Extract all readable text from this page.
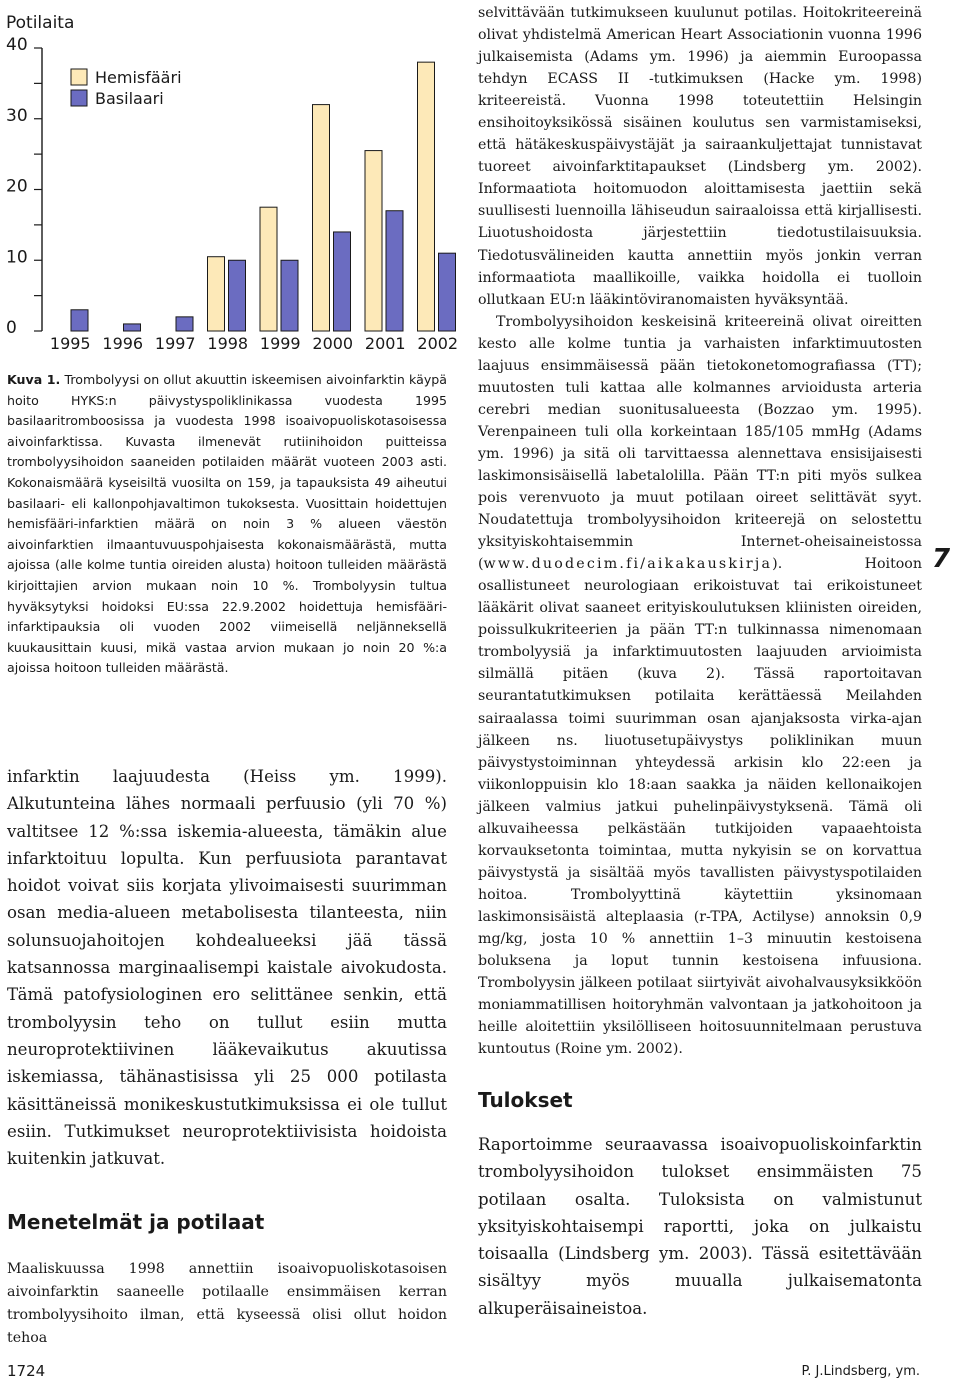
Potilaita
0
10
20
30
40
1995 1996 1997 1998 1999 2000 2001 2002
Hemisfääri
Basilaari
Kuva 1. Trombolyysi on ollut akuuttin iskeemisen aivoinfarktin käypä hoito HYKS:n päivystyspoliklinikassa vuodesta 1995 basilaaritromboosissa ja vuodesta 1998 isoaivopuoliskotasoisessa aivoinfarktissa. Kuvasta ilmenevät rutiinihoidon puitteissa trombolyysihoidon saaneiden potilaiden määrät vuoteen 2003 asti. Kokonaismäärä kyseisiltä vuosilta on 159, ja tapauksista 49 aiheutui basilaari- eli kallonpohjavaltimon tukoksesta. Vuosittain hoidettujen hemisfääri-infarktien määrä on noin 3 % alueen väestön aivoinfarktien ilmaantuvuuspohjaisesta kokonaismäärästä, mutta ajoissa (alle kolme tuntia oireiden alusta) hoitoon tulleiden määrästä kirjoittajien arvion mukaan noin 10 %. Trombolyysin tultua hyväksytyksi hoidoksi EU:ssa 22.9.2002 hoidettuja hemisfääri-infarktipauksia oli vuoden 2002 viimeisellä neljänneksellä kuukausittain kuusi, mikä vastaa arvion mukaan jo noin 20 %:a ajoissa hoitoon tulleiden määrästä.
infarktin laajuudesta (Heiss ym. 1999). Alkutunteina lähes normaali perfuusio (yli 70 %) valtitsee 12 %:ssa iskemia-alueesta, tämäkin alue infarktoituu lopulta. Kun perfuusiota parantavat hoidot voivat siis korjata ylivoimaisesti suurimman osan media-alueen metabolisesta tilanteesta, niin solunsuojahoitojen kohdealueeksi jää tässä katsannossa marginaalisempi kaistale aivokudosta. Tämä patofysiologinen ero selittänee senkin, että trombolyysin teho on tullut esiin mutta neuroprotektiivinen lääkevaikutus akuutissa iskemiassa, tähänastisissa yli 25 000 potilasta käsittäneissä monikeskustutkimuksissa ei ole tullut esiin. Tutkimukset neuroprotektiivisista hoidoista kuitenkin jatkuvat.
Menetelmät ja potilaat
Maaliskuussa 1998 annettiin isoaivopuoliskotasoisen aivoinfarktin saaneelle potilaalle ensimmäisen kerran trombolyysihoito ilman, että kyseessä olisi ollut hoidon tehoa

selvittävään tutkimukseen kuulunut potilas. Hoitokriteereinä olivat yhdistelmä American Heart Associationin vuonna 1996 julkaisemista (Adams ym. 1996) ja aiemmin Euroopassa tehdyn ECASS II -tutkimuksen (Hacke ym. 1998) kriteereistä. Vuonna 1998 toteutettiin Helsingin ensihoitoyksikössä sisäinen koulutus sen varmistamiseksi, että hätäkeskuspäivystäjät ja sairaankuljettajat tunnistavat tuoreet aivoinfarktitapaukset (Lindsberg ym. 2002). Informaatiota hoitomuodon aloittamisesta jaettiin sekä suullisesti luennoilla lähiseudun sairaaloissa että kirjallisesti. Liuotushoidosta järjestettiin tiedotustilaisuuksia. Tiedotusvälineiden kautta annettiin myös jonkin verran informaatiota maallikoille, vaikka hoidolla ei tuolloin ollutkaan EU:n lääkintöviranomaisten hyväksyntää.

Trombolyysihoidon keskeisinä kriteereinä olivat oireitten kesto alle kolme tuntia ja varhaisten infarktimuutosten laajuus ensimmäisessä pään tietokonetomografiassa (TT); muutosten tuli kattaa alle kolmannes arvioidusta arteria cerebri median suonitusalueesta (Bozzao ym. 1995). Verenpaineen tuli olla korkeintaan 185/105 mmHg (Adams ym. 1996) ja sitä oli tarvittaessa alennettava ensisijaisesti laskimonsisäisellä labetalolilla. Pään TT:n piti myös sulkea pois verenvuoto ja muut potilaan oireet selittävät syyt. Noudatettuja trombolyysihoidon kriteerejä on selostettu yksityiskohtaisemmin Internet-oheisaineistossa (www.duodecim.fi/aikakauskirja). Hoitoon osallistuneet neurologiaan erikoistuvat tai erikoistuneet lääkärit olivat saaneet erityiskoulutuksen kliinisten oireiden, poissulkukriteerien ja pään TT:n tulkinnassa nimenomaan trombolyysiä ja infarktimuutosten laajuuden arvioimista silmällä pitäen (kuva 2). Tässä raportoitavan seurantatutkimuksen potilaita kerättäessä Meilahden sairaalassa toimi suurimman osan ajanjaksosta virka-ajan jälkeen ns. liuotusetupäivystys poliklinikan muun päivystystoiminnan yhteydessä arkisin klo 22:een ja viikonloppuisin klo 18:aan saakka ja näiden kellonaikojen jälkeen valmius jatkui puhelinpäivystyksenä. Tämä oli alkuvaiheessa pelkästään tutkijoiden vapaaehtoista korvauksetonta toimintaa, mutta nykyisin se on korvattua päivystystä ja sisältää myös tavallisten päivystyspotilaiden hoitoa. Trombolyyttinä käytettiin yksinomaan laskimonsisäistä alteplaasia (r-TPA, Actilyse) annoksin 0,9 mg/kg, josta 10 % annettiin 1–3 minuutin kestoisena boluksena ja loput tunnin kestoisena infuusiona. Trombolyysin jälkeen potilaat siirtyivät aivohalvausyksikköön moniammatillisen hoitoryhmän valvontaan ja jatkohoitoon ja heille aloitettiin yksilölliseen hoitosuunnitelmaan perustuva kuntoutus (Roine ym. 2002).

Tulokset
Raportoimme seuraavassa isoaivopuoliskoinfarktin trombolyysihoidon tulokset ensimmäisten 75 potilaan osalta. Tuloksista on valmistunut yksityiskohtaisempi raportti, joka on julkaistu toisaalla (Lindsberg ym. 2003). Tässä esitettävään sisältyy myös muualla julkaisematonta alkuperäisaineistoa.
7
1724	P. J.Lindsberg, ym.
